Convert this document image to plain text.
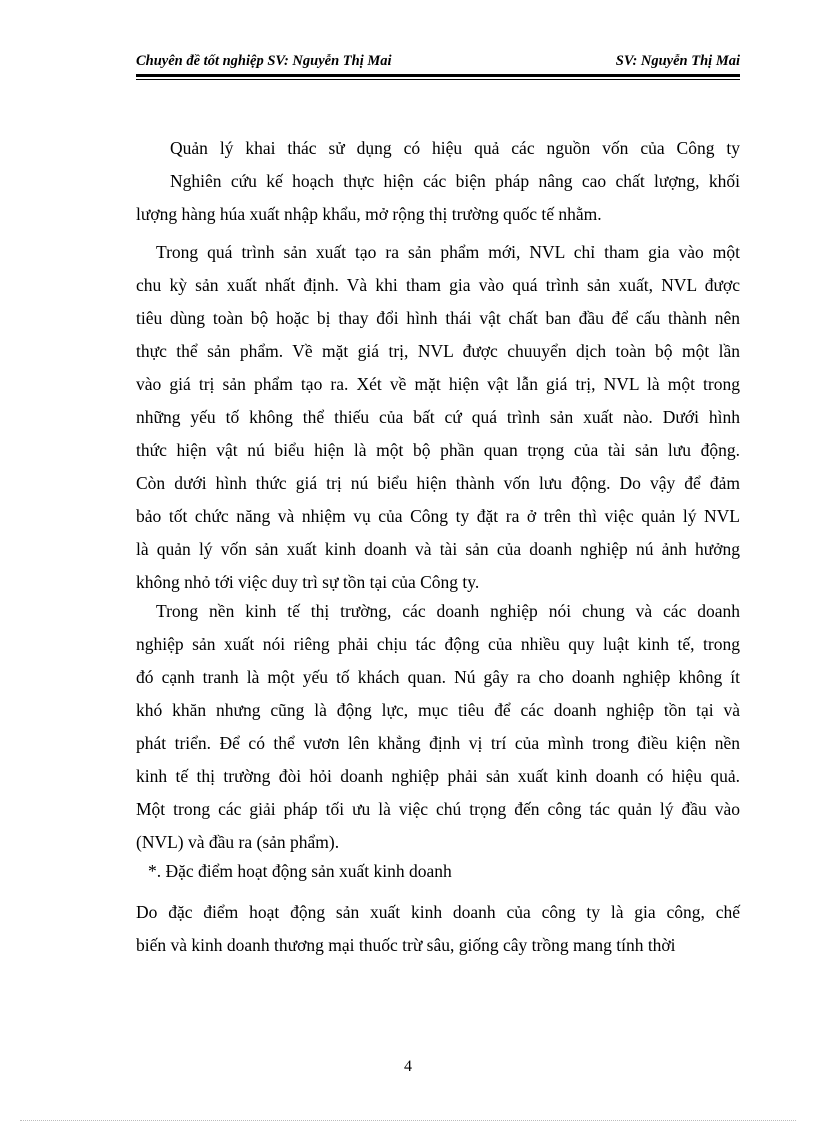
Chuyên đề tốt nghiệp SV: Nguyễn Thị Mai	SV: Nguyễn Thị Mai
Quản lý khai thác sử dụng có hiệu quả các nguồn vốn của Công ty
Nghiên cứu kế hoạch thực hiện các biện pháp nâng cao chất lượng, khối
lượng hàng húa xuất nhập khẩu, mở rộng thị trường quốc tế nhằm.
Trong quá trình sản xuất tạo ra sản phẩm mới, NVL chỉ tham gia vào một
chu kỳ sản xuất nhất định. Và khi tham gia vào quá trình sản xuất, NVL được
tiêu dùng toàn bộ hoặc bị thay đổi hình thái vật chất ban đầu để cấu thành nên
thực thể sản phẩm. Về mặt giá trị, NVL được chuuyển dịch toàn bộ một lần
vào giá trị sản phẩm tạo ra. Xét về mặt hiện vật lẫn giá trị, NVL là một trong
những yếu tố không thể thiếu của bất cứ quá trình sản xuất nào. Dưới hình
thức hiện vật nú biểu hiện là một bộ phần quan trọng của tài sản lưu động.
Còn dưới hình thức giá trị nú biểu hiện thành vốn lưu động. Do vậy để đảm
bảo tốt chức năng và nhiệm vụ của Công ty đặt ra ở trên thì việc quản lý NVL
là quản lý vốn sản xuất kinh doanh và tài sản của doanh nghiệp nú ảnh hưởng
không nhỏ tới việc duy trì sự tồn tại của Công ty.
Trong nền kinh tế thị trường, các doanh nghiệp nói chung và các doanh
nghiệp sản xuất nói riêng phải chịu tác động của nhiều quy luật kinh tế, trong
đó cạnh tranh là một yếu tố khách quan. Nú gây ra cho doanh nghiệp không ít
khó khăn nhưng cũng là động lực, mục tiêu để các doanh nghiệp tồn tại và
phát triển. Để có thể vươn lên khẳng định vị trí của mình trong điều kiện nền
kinh tế thị trường đòi hỏi doanh nghiệp phải sản xuất kinh doanh có hiệu quả.
Một trong các giải pháp tối ưu là việc chú trọng đến công tác quản lý đầu vào
(NVL) và đầu ra (sản phẩm).
*. Đặc điểm hoạt động sản xuất kinh doanh
Do đặc điểm hoạt động sản xuất kinh doanh của công ty là gia công, chế
biến và kinh doanh thương mại thuốc trừ sâu, giống cây trồng mang tính thời
4
